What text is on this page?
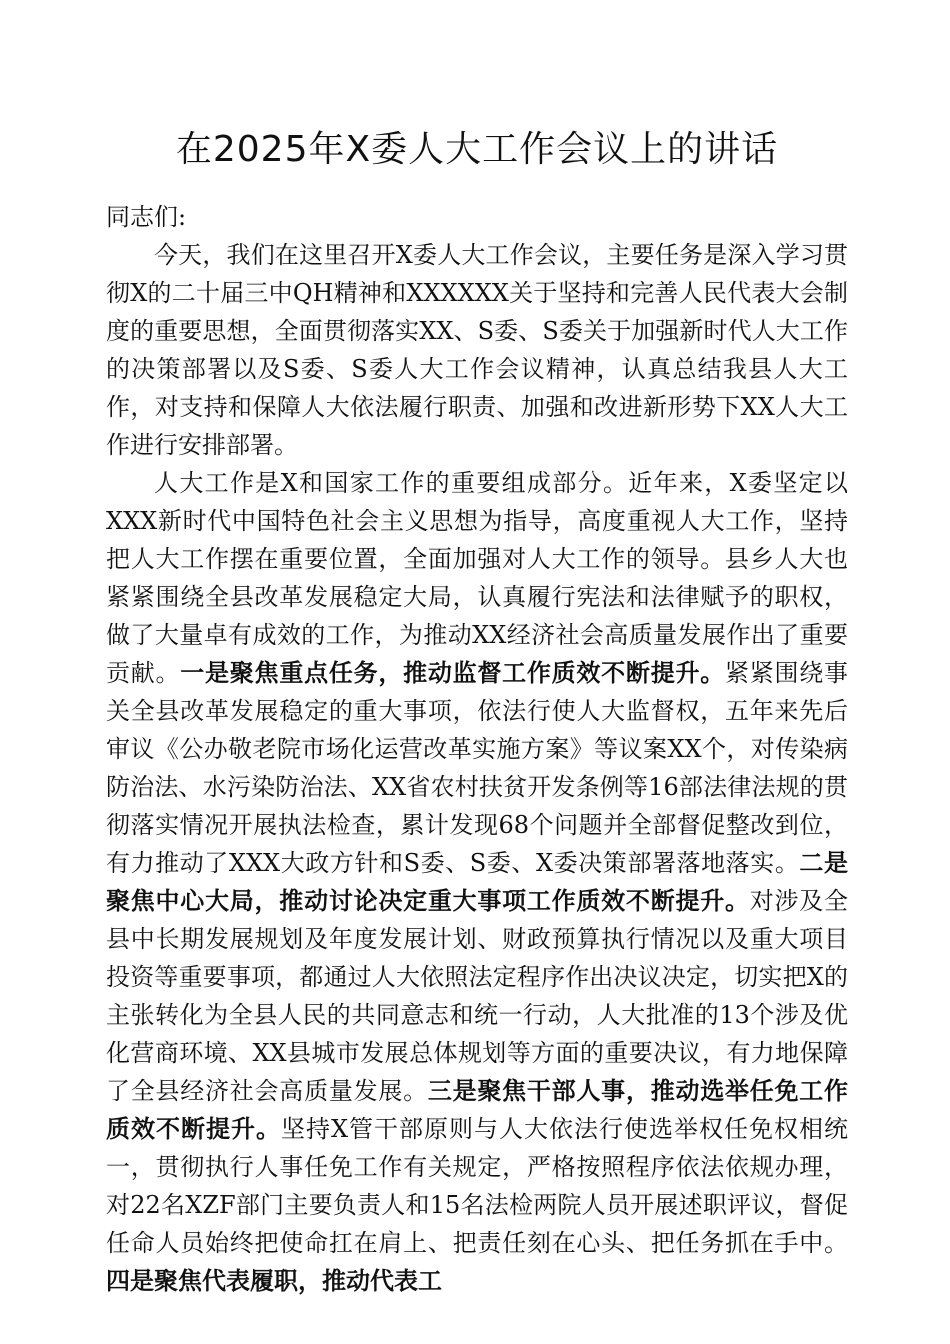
在2025年X委人大工作会议上的讲话

同志们:

今天，我们在这里召开X委人大工作会议，主要任务是深入学习贯彻X的二十届三中QH精神和XXXXXX关于坚持和完善人民代表大会制度的重要思想，全面贯彻落实XX、S委、S委关于加强新时代人大工作的决策部署以及S委、S委人大工作会议精神，认真总结我县人大工作，对支持和保障人大依法履行职责、加强和改进新形势下XX人大工作进行安排部署。

人大工作是X和国家工作的重要组成部分。近年来，X委坚定以XXX新时代中国特色社会主义思想为指导，高度重视人大工作，坚持把人大工作摆在重要位置，全面加强对人大工作的领导。县乡人大也紧紧围绕全县改革发展稳定大局，认真履行宪法和法律赋予的职权，做了大量卓有成效的工作，为推动XX经济社会高质量发展作出了重要贡献。一是聚焦重点任务，推动监督工作质效不断提升。紧紧围绕事关全县改革发展稳定的重大事项，依法行使人大监督权，五年来先后审议《公办敬老院市场化运营改革实施方案》等议案XX个，对传染病防治法、水污染防治法、XX省农村扶贫开发条例等16部法律法规的贯彻落实情况开展执法检查，累计发现68个问题并全部督促整改到位，有力推动了XXX大政方针和S委、S委、X委决策部署落地落实。二是聚焦中心大局，推动讨论决定重大事项工作质效不断提升。对涉及全县中长期发展规划及年度发展计划、财政预算执行情况以及重大项目投资等重要事项，都通过人大依照法定程序作出决议决定，切实把X的主张转化为全县人民的共同意志和统一行动，人大批准的13个涉及优化营商环境、XX县城市发展总体规划等方面的重要决议，有力地保障了全县经济社会高质量发展。三是聚焦干部人事，推动选举任免工作质效不断提升。坚持X管干部原则与人大依法行使选举权任免权相统一，贯彻执行人事任免工作有关规定，严格按照程序依法依规办理，对22名XZF部门主要负责人和15名法检两院人员开展述职评议，督促任命人员始终把使命扛在肩上、把责任刻在心头、把任务抓在手中。四是聚焦代表履职，推动代表工
